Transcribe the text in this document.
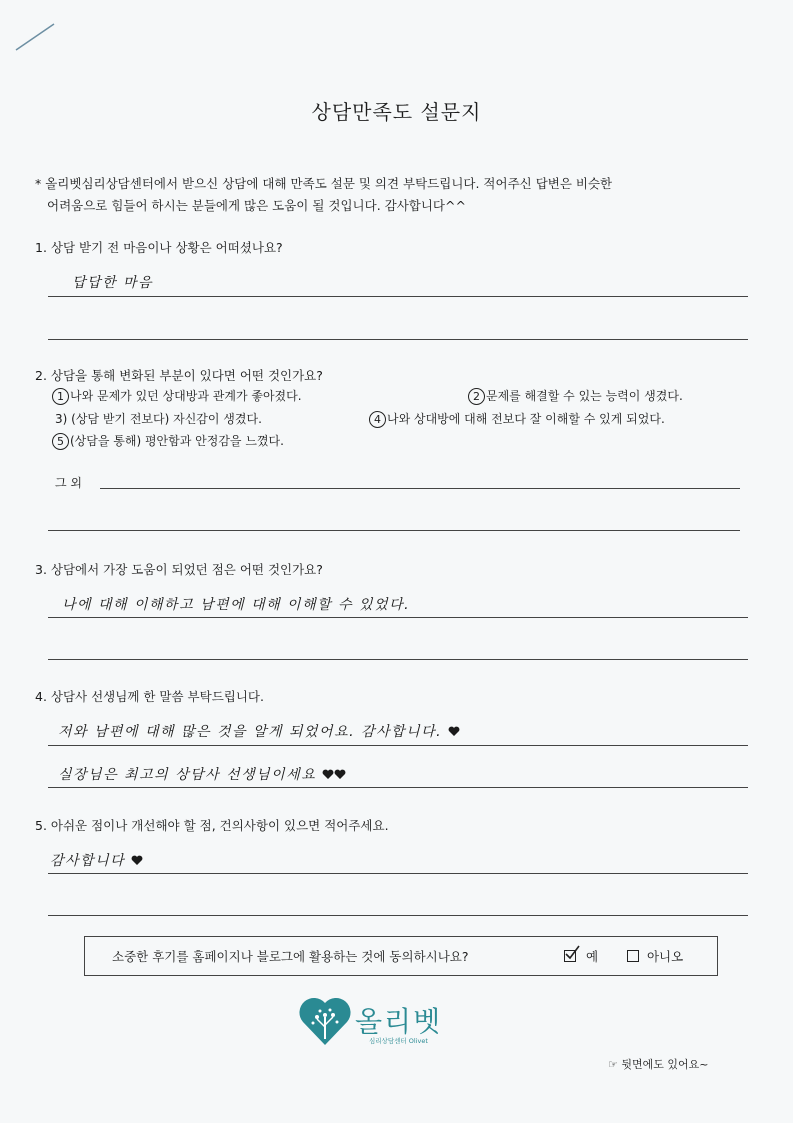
상담만족도 설문지
* 올리벳심리상담센터에서 받으신 상담에 대해 만족도 설문 및 의견 부탁드립니다. 적어주신 답변은 비슷한
어려움으로 힘들어 하시는 분들에게 많은 도움이 될 것입니다. 감사합니다^^
1. 상담 받기 전 마음이나 상황은 어떠셨나요?
답답한 마음
2. 상담을 통해 변화된 부분이 있다면 어떤 것인가요?
1 나와 문제가 있던 상대방과 관계가 좋아졌다.	2 문제를 해결할 수 있는 능력이 생겼다.
3) (상담 받기 전보다) 자신감이 생겼다.	4 나와 상대방에 대해 전보다 잘 이해할 수 있게 되었다.
5 (상담을 통해) 평안함과 안정감을 느꼈다.
그 외
3. 상담에서 가장 도움이 되었던 점은 어떤 것인가요?
나에 대해 이해하고 남편에 대해 이해할 수 있었다.
4. 상담사 선생님께 한 말씀 부탁드립니다.
저와 남편에 대해 많은 것을 알게 되었어요. 감사합니다.
실장님은 최고의 상담사 선생님이세요
5. 아쉬운 점이나 개선해야 할 점, 건의사항이 있으면 적어주세요.
감사합니다
소중한 후기를 홈페이지나 블로그에 활용하는 것에 동의하시나요?	예	아니오
올리벳
심리상담센터 Olivet
☞ 뒷면에도 있어요~
